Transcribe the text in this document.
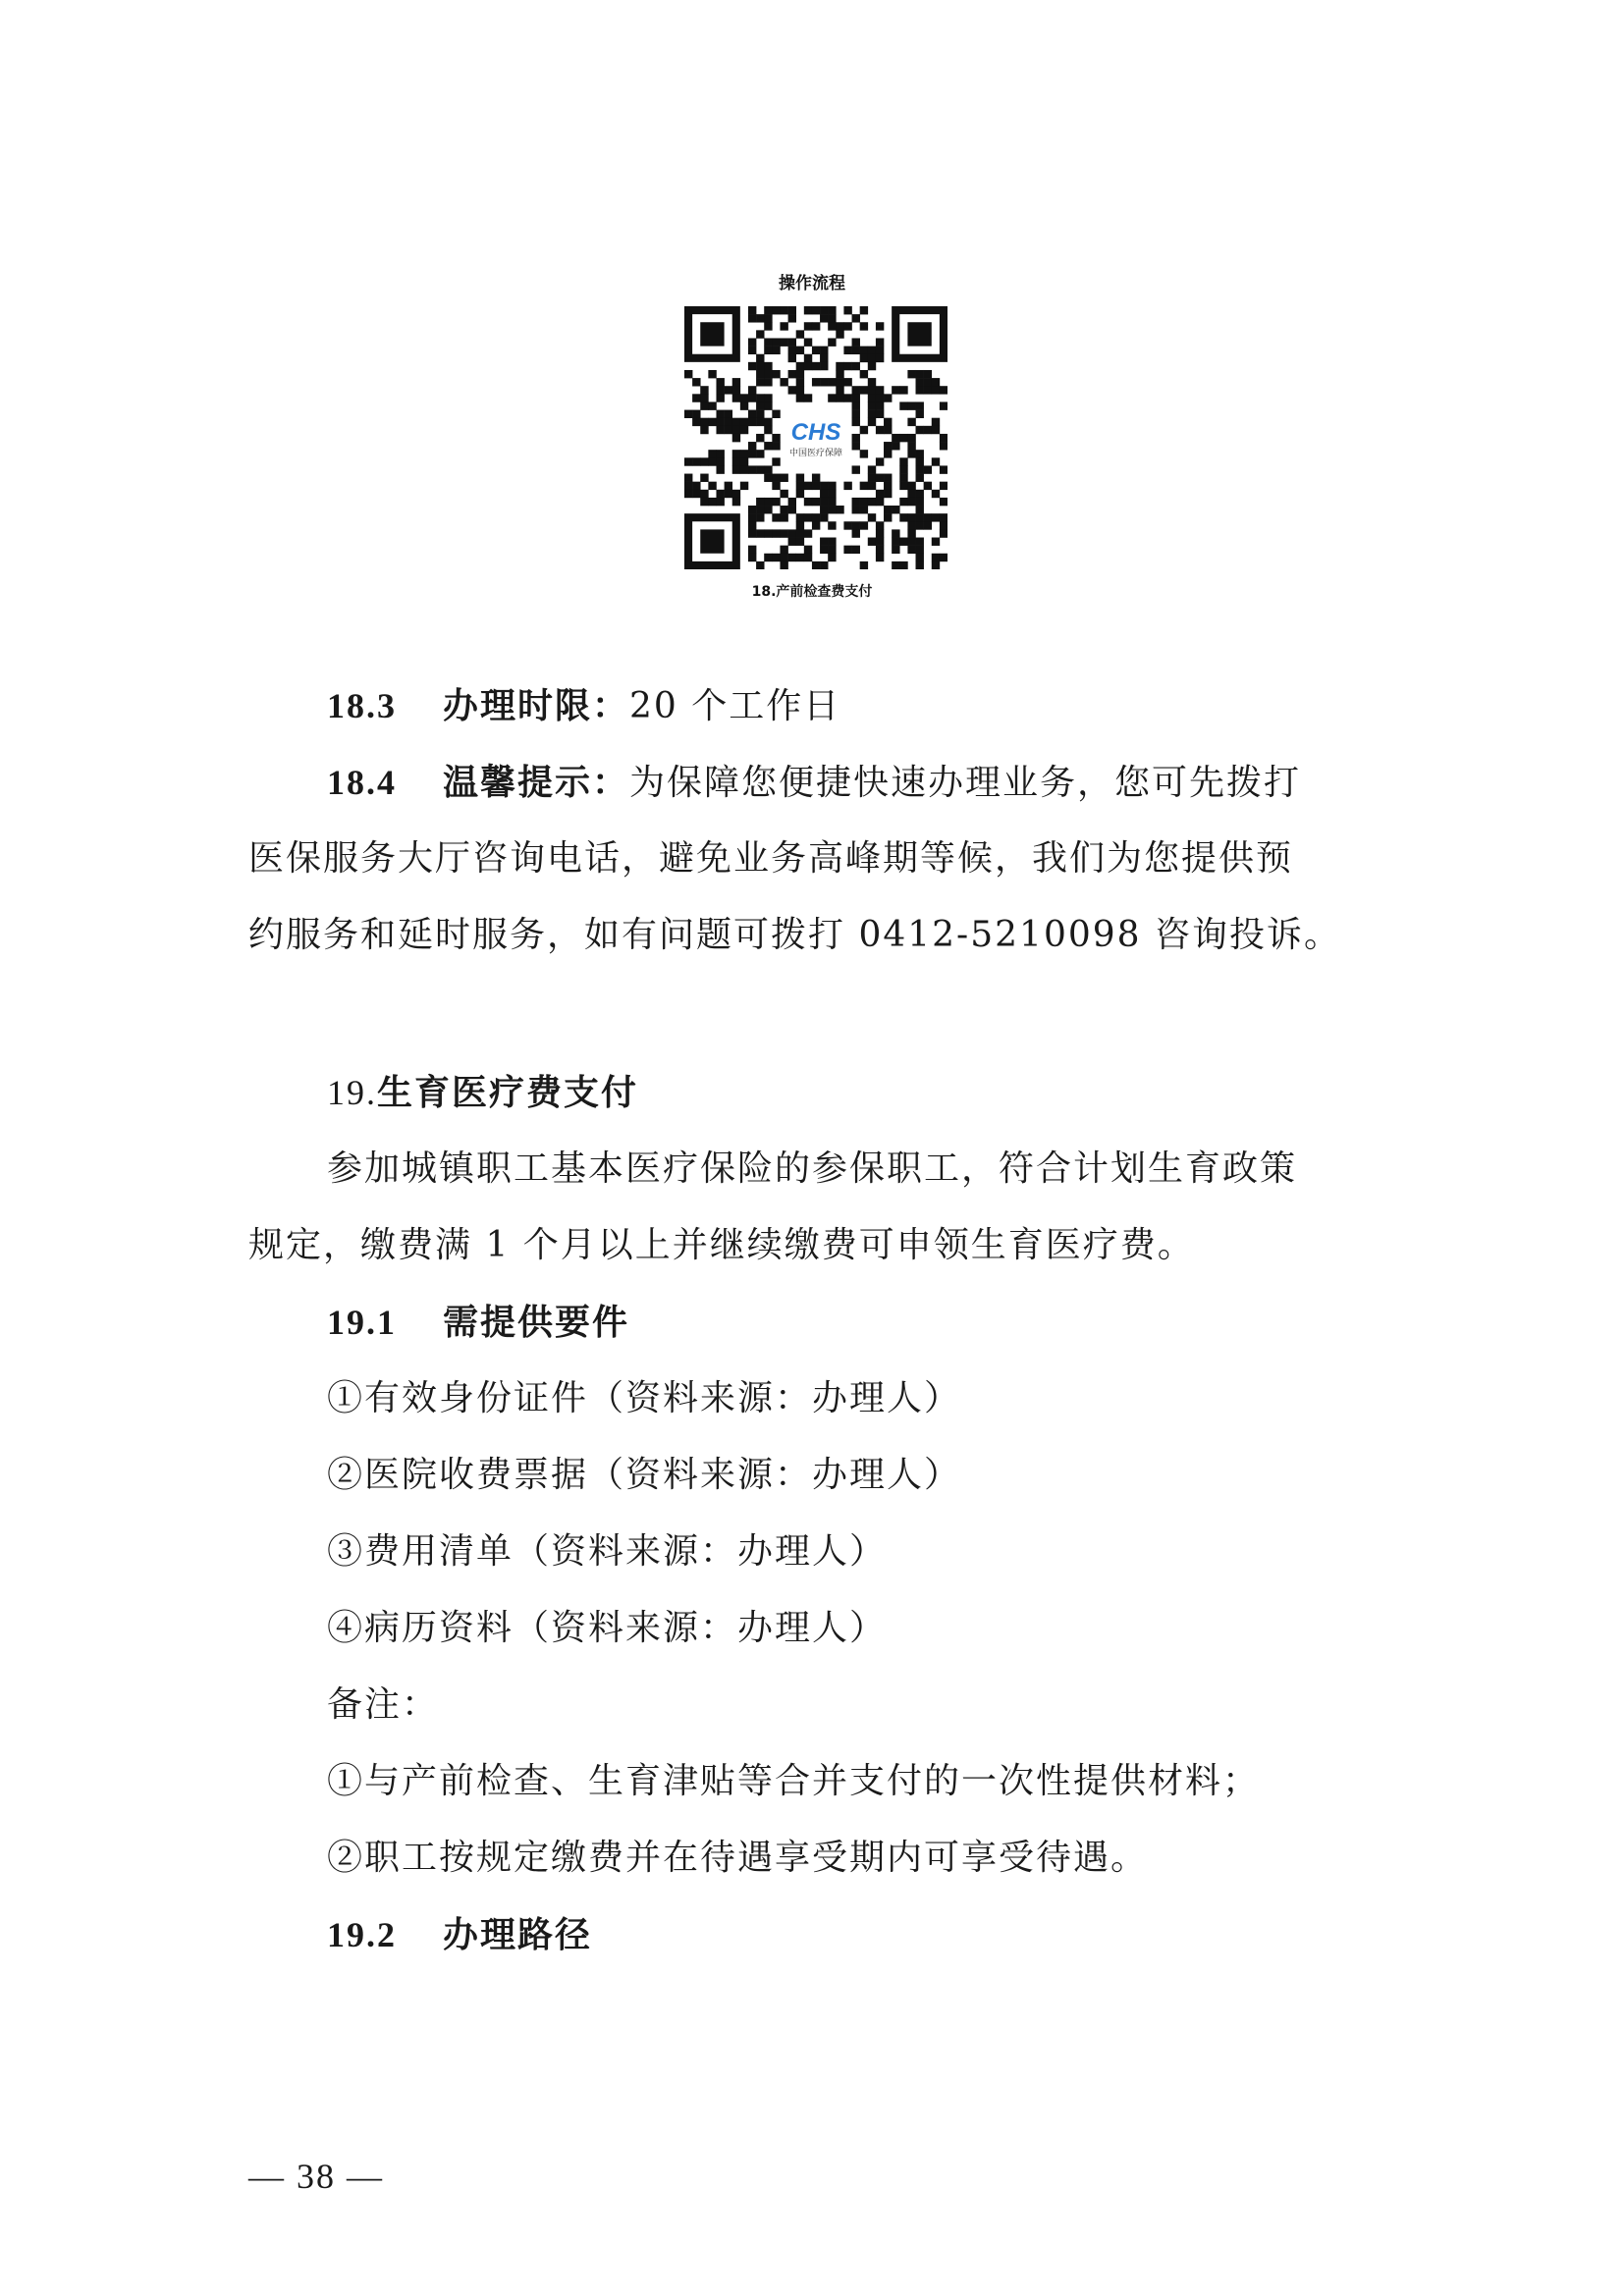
操作流程
CHS
中国医疗保障
18.产前检查费支付
18.3 办理时限：20 个工作日
18.4 温馨提示：为保障您便捷快速办理业务，您可先拨打
医保服务大厅咨询电话，避免业务高峰期等候，我们为您提供预
约服务和延时服务，如有问题可拨打 0412-5210098 咨询投诉。
19.生育医疗费支付
参加城镇职工基本医疗保险的参保职工，符合计划生育政策
规定，缴费满 1 个月以上并继续缴费可申领生育医疗费。
19.1 需提供要件
①有效身份证件（资料来源：办理人）
②医院收费票据（资料来源：办理人）
③费用清单（资料来源：办理人）
④病历资料（资料来源：办理人）
备注：
①与产前检查、生育津贴等合并支付的一次性提供材料；
②职工按规定缴费并在待遇享受期内可享受待遇。
19.2 办理路径
— 38 —
